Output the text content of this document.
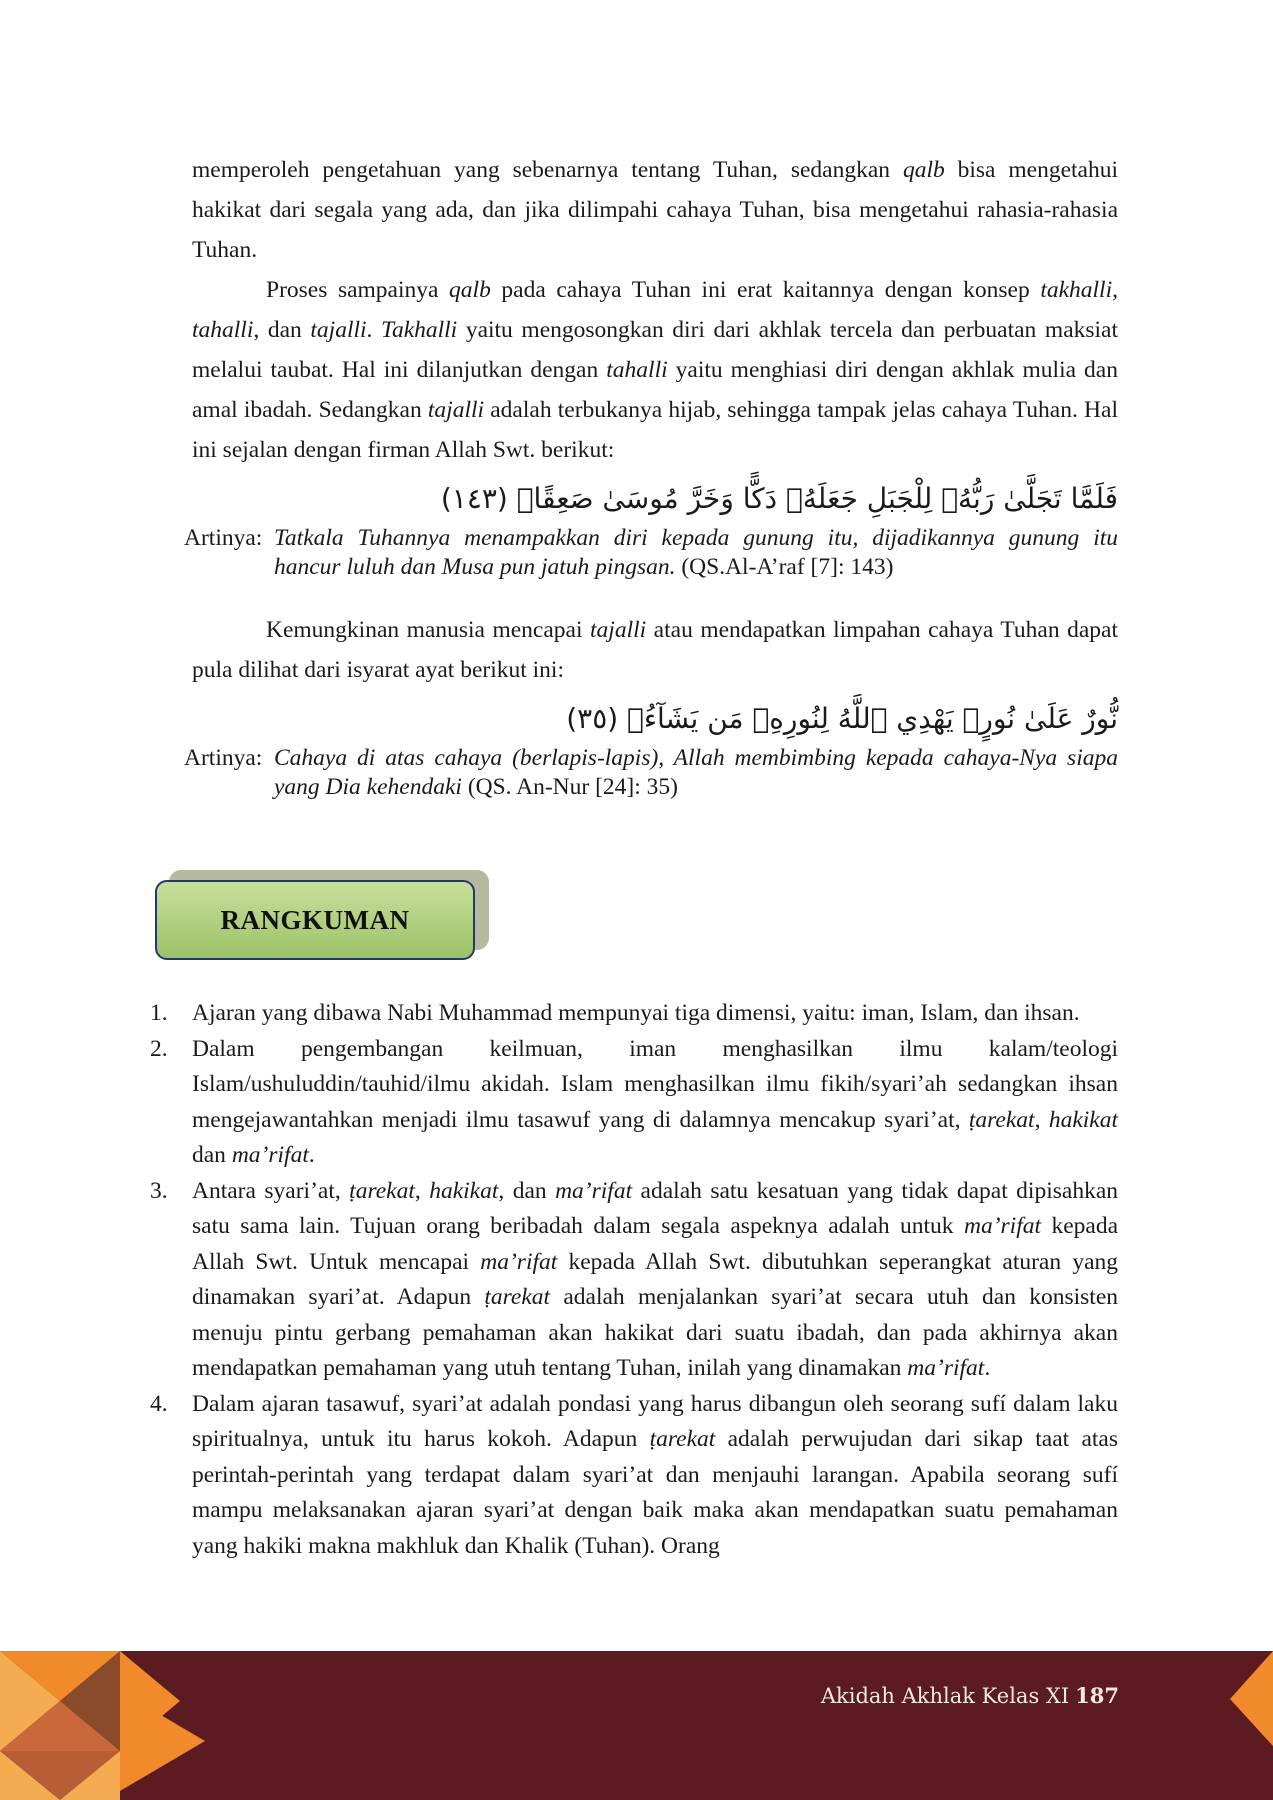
memperoleh pengetahuan yang sebenarnya tentang Tuhan, sedangkan qalb bisa mengetahui hakikat dari segala yang ada, dan jika dilimpahi cahaya Tuhan, bisa mengetahui rahasia-rahasia Tuhan.

Proses sampainya qalb pada cahaya Tuhan ini erat kaitannya dengan konsep takhalli, tahalli, dan tajalli. Takhalli yaitu mengosongkan diri dari akhlak tercela dan perbuatan maksiat melalui taubat. Hal ini dilanjutkan dengan tahalli yaitu menghiasi diri dengan akhlak mulia dan amal ibadah. Sedangkan tajalli adalah terbukanya hijab, sehingga tampak jelas cahaya Tuhan. Hal ini sejalan dengan firman Allah Swt. berikut:

فَلَمَّا تَجَلَّىٰ رَبُّهُۥ لِلْجَبَلِ جَعَلَهُۥ دَكًّا وَخَرَّ مُوسَىٰ صَعِقًاۚ (١٤٣)
Artinya: Tatkala Tuhannya menampakkan diri kepada gunung itu, dijadikannya gunung itu hancur luluh dan Musa pun jatuh pingsan. (QS.Al-A’raf [7]: 143)

Kemungkinan manusia mencapai tajalli atau mendapatkan limpahan cahaya Tuhan dapat pula dilihat dari isyarat ayat berikut ini:

نُّورٌ عَلَىٰ نُورٍۗ يَهْدِي ٱللَّهُ لِنُورِهِۦ مَن يَشَآءُۚ (٣٥)
Artinya: Cahaya di atas cahaya (berlapis-lapis), Allah membimbing kepada cahaya-Nya siapa yang Dia kehendaki (QS. An-Nur [24]: 35)
RANGKUMAN
1. Ajaran yang dibawa Nabi Muhammad mempunyai tiga dimensi, yaitu: iman, Islam, dan ihsan.
2. Dalam pengembangan keilmuan, iman menghasilkan ilmu kalam/teologi Islam/ushuluddin/tauhid/ilmu akidah. Islam menghasilkan ilmu fikih/syari’ah sedangkan ihsan mengejawantahkan menjadi ilmu tasawuf yang di dalamnya mencakup syari’at, ṭarekat, hakikat dan ma’rifat.
3. Antara syari’at, ṭarekat, hakikat, dan ma’rifat adalah satu kesatuan yang tidak dapat dipisahkan satu sama lain. Tujuan orang beribadah dalam segala aspeknya adalah untuk ma’rifat kepada Allah Swt. Untuk mencapai ma’rifat kepada Allah Swt. dibutuhkan seperangkat aturan yang dinamakan syari’at. Adapun ṭarekat adalah menjalankan syari’at secara utuh dan konsisten menuju pintu gerbang pemahaman akan hakikat dari suatu ibadah, dan pada akhirnya akan mendapatkan pemahaman yang utuh tentang Tuhan, inilah yang dinamakan ma’rifat.
4. Dalam ajaran tasawuf, syari’at adalah pondasi yang harus dibangun oleh seorang sufí dalam laku spiritualnya, untuk itu harus kokoh. Adapun ṭarekat adalah perwujudan dari sikap taat atas perintah-perintah yang terdapat dalam syari’at dan menjauhi larangan. Apabila seorang sufí mampu melaksanakan ajaran syari’at dengan baik maka akan mendapatkan suatu pemahaman yang hakiki makna makhluk dan Khalik (Tuhan). Orang
Akidah Akhlak Kelas XI 187
